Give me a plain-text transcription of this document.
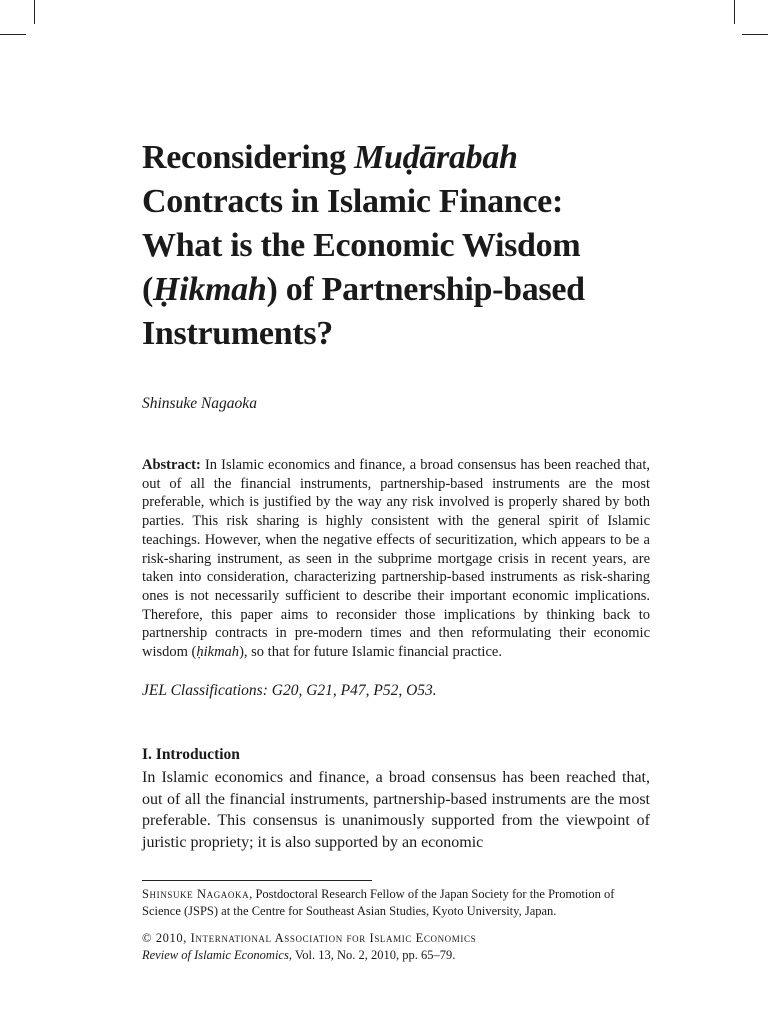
Reconsidering Muḍārabah
Contracts in Islamic Finance:
What is the Economic Wisdom
(Ḥikmah) of Partnership-based
Instruments?
Shinsuke Nagaoka
Abstract: In Islamic economics and finance, a broad consensus has been reached that, out of all the financial instruments, partnership-based instruments are the most preferable, which is justified by the way any risk involved is properly shared by both parties. This risk sharing is highly consistent with the general spirit of Islamic teachings. However, when the negative effects of securitization, which appears to be a risk-sharing instrument, as seen in the subprime mortgage crisis in recent years, are taken into consideration, characterizing partnership-based instruments as risk-sharing ones is not necessarily sufficient to describe their important economic implications. Therefore, this paper aims to reconsider those implications by thinking back to partnership contracts in pre-modern times and then reformulating their economic wisdom (ḥikmah), so that for future Islamic financial practice.
JEL Classifications: G20, G21, P47, P52, O53.
I. Introduction
In Islamic economics and finance, a broad consensus has been reached that, out of all the financial instruments, partnership-based instruments are the most preferable. This consensus is unanimously supported from the viewpoint of juristic propriety; it is also supported by an economic
Shinsuke Nagaoka, Postdoctoral Research Fellow of the Japan Society for the Promotion of Science (JSPS) at the Centre for Southeast Asian Studies, Kyoto University, Japan.
© 2010, International Association for Islamic Economics
Review of Islamic Economics, Vol. 13, No. 2, 2010, pp. 65–79.
